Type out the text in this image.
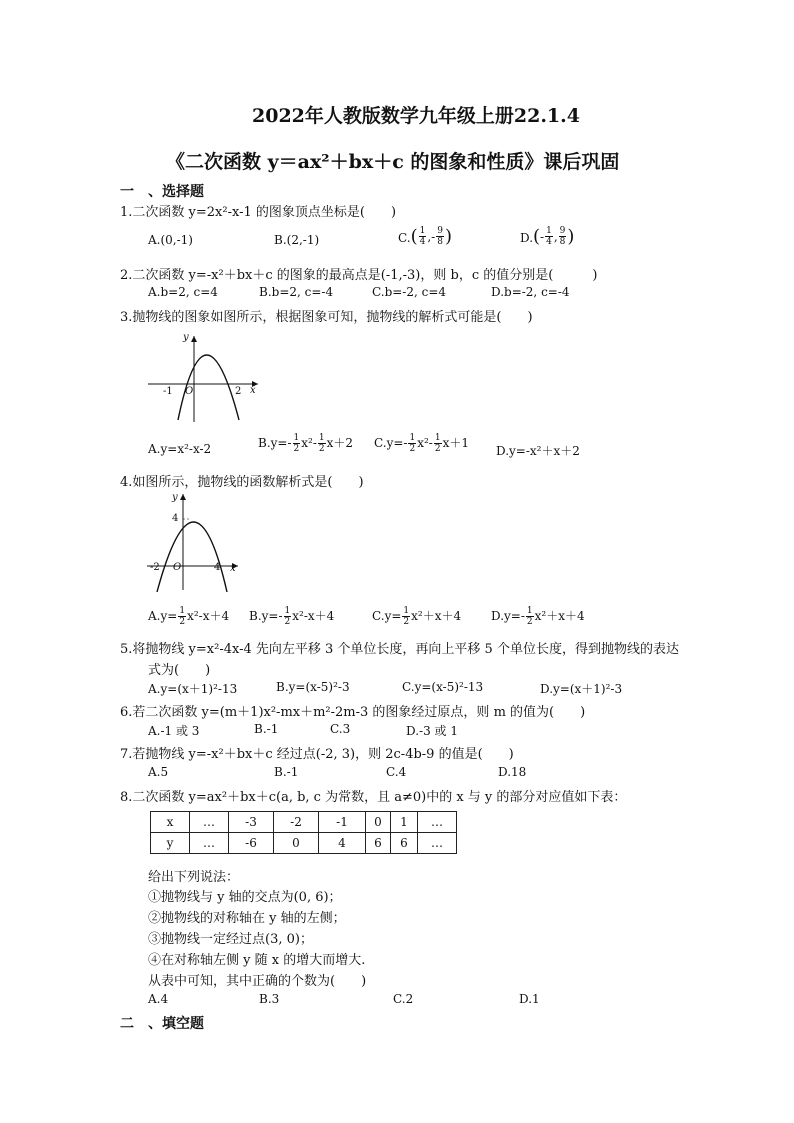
2022年人教版数学九年级上册22.1.4
《二次函数 y＝ax²＋bx＋c 的图象和性质》课后巩固
一　、选择题
1.二次函数 y=2x²-x-1 的图象顶点坐标是(　　)
A.(0,-1)	B.(2,-1)	$C.( \frac{1}{4}$ ,- $\frac{9}{8}$ )	$D.( - \frac{1}{4}$ , $\frac{9}{8}$ )
2.二次函数 y=-x²＋bx＋c 的图象的最高点是(-1,-3)，则 b，c 的值分别是(　　　)
A.b=2, c=4	B.b=2, c=-4	C.b=-2, c=4	D.b=-2, c=-4
3.抛物线的图象如图所示，根据图象可知，抛物线的解析式可能是(　　)
y
x
O
-1	2
A.y=x²-x-2	$B.y=- \frac{1}{2} x^2- \frac{1}{2} x+2$ $C.y=- \frac{1}{2} x^2- \frac{1}{2} x+1$
D.y=-x²＋x＋2
4.如图所示，抛物线的函数解析式是(　　)
y
x
O
-2
4
4
$A.y= \frac{1}{2} x^2-x+4$ $B.y=- \frac{1}{2} x^2-x+4$	$C.y= \frac{1}{2} x^2+x+4$ $D.y=- \frac{1}{2} x^2+x+4$
5.将抛物线 y=x²-4x-4 先向左平移 3 个单位长度，再向上平移 5 个单位长度，得到抛物线的表达
式为(　　)
A.y=(x＋1)²-13	B.y=(x-5)²-3	C.y=(x-5)²-13	D.y=(x＋1)²-3
6.若二次函数 y=(m＋1)x²-mx＋m²-2m-3 的图象经过原点，则 m 的值为(　　)
A.-1 或 3	B.-1	C.3	D.-3 或 1
7.若抛物线 y=-x²＋bx＋c 经过点(-2, 3)，则 2c-4b-9 的值是(　　)
A.5	B.-1	C.4	D.18
8.二次函数 y=ax²＋bx＋c(a, b, c 为常数，且 a≠0)中的 x 与 y 的部分对应值如下表：
x	…	-3	-2	-1	0	1	…
y	…	-6	0	4	6	6	…
给出下列说法：
①抛物线与 y 轴的交点为(0, 6)；
②抛物线的对称轴在 y 轴的左侧；
③抛物线一定经过点(3, 0)；
④在对称轴左侧 y 随 x 的增大而增大.
从表中可知，其中正确的个数为(　　)
A.4	B.3	C.2	D.1
二　、填空题
